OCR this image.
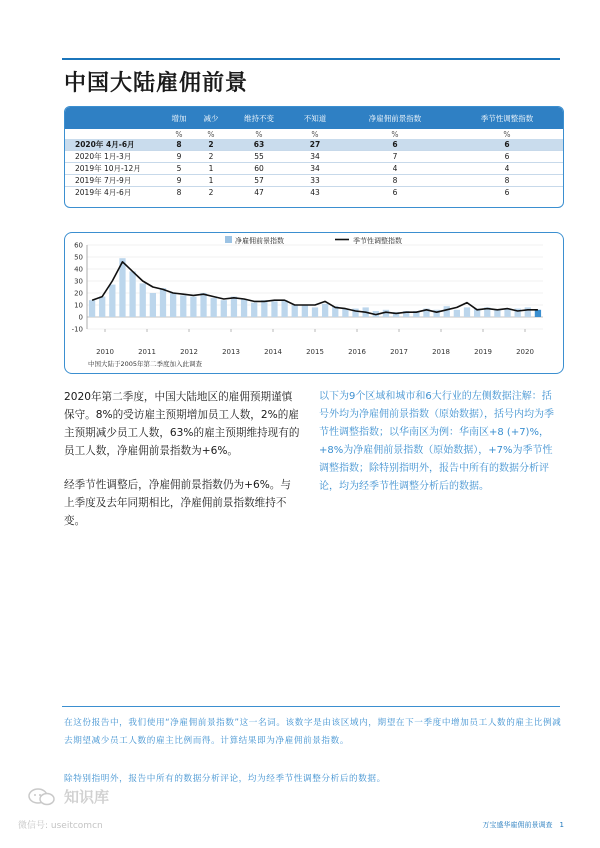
中国大陆雇佣前景
	增加	减少	维持不变	不知道	净雇佣前景指数	季节性调整指数
	%	%	%	%	%	%
2020年 4月-6月	8	2	63	27	6	6
2020年 1月-3月	9	2	55	34	7	6
2019年 10月-12月	5	1	60	34	4	4
2019年 7月-9月	9	1	57	33	8	8
2019年 4月-6月	8	2	47	43	6	6
净雇佣前景指数	季节性调整指数
60
50
40
30
20
10
0
-10
2010	2011	2012	2013	2014	2015	2016	2017	2018	2019	2020
中国大陆于2005年第二季度加入此调查

2020年第二季度，中国大陆地区的雇佣预期谨慎保守。8%的受访雇主预期增加员工人数，2%的雇主预期减少员工人数，63%的雇主预期维持现有的员工人数，净雇佣前景指数为+6%。

经季节性调整后，净雇佣前景指数仍为+6%。与上季度及去年同期相比，净雇佣前景指数维持不变。

以下为9个区域和城市和6大行业的左侧数据注解：括号外均为净雇佣前景指数（原始数据），括号内均为季节性调整指数；以华南区为例：华南区+8 (+7)%，+8%为净雇佣前景指数（原始数据），+7%为季节性调整指数；除特别指明外，报告中所有的数据分析评论，均为经季节性调整分析后的数据。

在这份报告中，我们使用“净雇佣前景指数”这一名词。该数字是由该区域内，期望在下一季度中增加员工人数的雇主比例减去期望减少员工人数的雇主比例而得。计算结果即为净雇佣前景指数。
除特别指明外，报告中所有的数据分析评论，均为经季节性调整分析后的数据。
知识库
微信号: useitcomcn	万宝盛华雇佣前景调查　1
